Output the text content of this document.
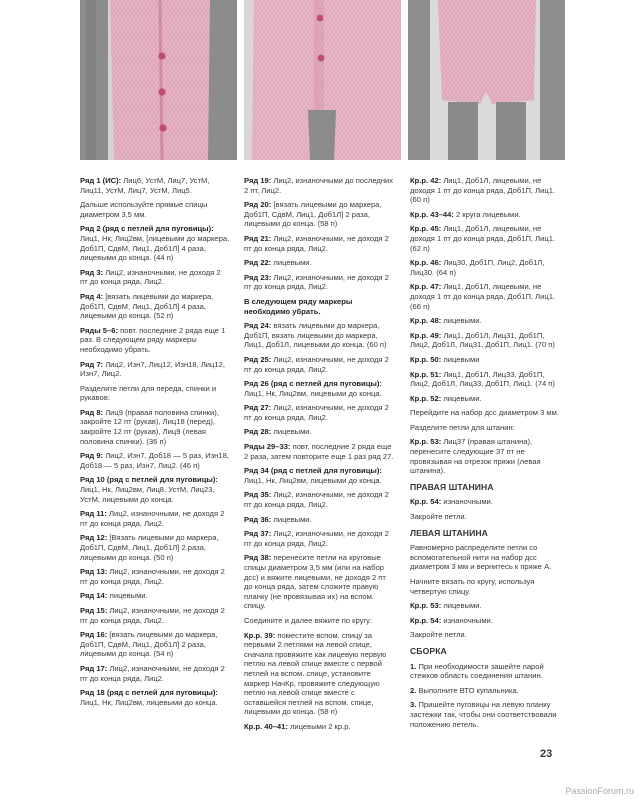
Ряд 1 (ИС): Лиц6, УстМ, Лиц7, УстМ, Лиц11, УстМ, Лиц7, УстМ, Лиц5.

Дальше используйте прямые спицы диаметром 3,5 мм.

Ряд 2 (ряд с петлей для пуговицы): Лиц1, Нк, Лиц2вм, [лицевыми до маркера, Доб1П, СдвМ, Лиц1, Доб1Л] 4 раза, лицевыми до конца. (44 п)

Ряд 3: Лиц2, изнаночными, не доходя 2 пт до конца ряда, Лиц2.

Ряд 4: [вязать лицевыми до маркера, Доб1П, СдвМ, Лиц1, Доб1Л] 4 раза, лицевыми до конца. (52 п)

Ряды 5–6: повт. последние 2 ряда еще 1 раз. В следующем ряду маркеры необходимо убрать.

Ряд 7: Лиц2, Изн7, Лиц12, Изн18, Лиц12, Изн7, Лиц2.

Разделите петли для переда, спинки и рукавов:

Ряд 8: Лиц9 (правая половина спинки), закройте 12 пт (рукав), Лиц18 (перед), закройте 12 пт (рукав), Лиц9 (левая половина спинки). (36 п)

Ряд 9: Лиц2, Изн7, Доб18 — 5 раз, Изн18, Доб18 — 5 раз, Изн7, Лиц2. (46 п)

Ряд 10 (ряд с петлей для пуговицы): Лиц1, Нк, Лиц2вм, Лиц8, УстМ, Лиц23, УстМ, лицевыми до конца.

Ряд 11: Лиц2, изнаночными, не доходя 2 пт до конца ряда, Лиц2.

Ряд 12: [Вязать лицевыми до маркера, Доб1П, СдвМ, Лиц1, Доб1Л] 2 раза, лицевыми до конца. (50 п)

Ряд 13: Лиц2, изнаночными, не доходя 2 пт до конца ряда, Лиц2.

Ряд 14: лицевыми.

Ряд 15: Лиц2, изнаночными, не доходя 2 пт до конца ряда, Лиц2.

Ряд 16: [вязать лицевыми до маркера, Доб1П, СдвМ, Лиц1, Доб1Л] 2 раза, лицевыми до конца. (54 п)

Ряд 17: Лиц2, изнаночными, не доходя 2 пт до конца ряда, Лиц2.

Ряд 18 (ряд с петлей для пуговицы): Лиц1, Нк, Лиц2вм, лицевыми до конца.

Ряд 19: Лиц2, изнаночными до последних 2 пт, Лиц2.

Ряд 20: [вязать лицевыми до маркера, Доб1П, СдвМ, Лиц1, Доб1Л] 2 раза, лицевыми до конца. (58 п)

Ряд 21: Лиц2, изнаночными, не доходя 2 пт до конца ряда, Лиц2.

Ряд 22: лицевыми.

Ряд 23: Лиц2, изнаночными, не доходя 2 пт до конца ряда, Лиц2.

В следующем ряду маркеры необходимо убрать.

Ряд 24: вязать лицевыми до маркера, Доб1П, вязать лицевыми до маркера, Лиц1, Доб1Л, лицевыми до конца. (60 п)

Ряд 25: Лиц2, изнаночными, не доходя 2 пт до конца ряда, Лиц2.

Ряд 26 (ряд с петлей для пуговицы): Лиц1, Нк, Лиц2вм, лицевыми до конца.

Ряд 27: Лиц2, изнаночными, не доходя 2 пт до конца ряда, Лиц2.

Ряд 28: лицевыми.

Ряды 29–33: повт. последние 2 ряда еще 2 раза, затем повторите еще 1 раз ряд 27.

Ряд 34 (ряд с петлей для пуговицы): Лиц1, Нк, Лиц2вм, лицевыми до конца.

Ряд 35: Лиц2, изнаночными, не доходя 2 пт до конца ряда, Лиц2.

Ряд 36: лицевыми.

Ряд 37: Лиц2, изнаночными, не доходя 2 пт до конца ряда, Лиц2.

Ряд 38: перенесите петли на круговые спицы диаметром 3,5 мм (или на набор дсс) и вяжите лицевыми, не доходя 2 пт до конца ряда, затем сложите правую планку (не провязывая их) на вспом. спицу.

Соедините и далее вяжите по кругу:

Кр.р. 39: поместите вспом. спицу за первыми 2 петлями на левой спице, сначала провяжите как лицевую первую петлю на левой спице вместе с первой петлей на вспом. спице, установите маркер НачКр, провяжите следующую петлю на левой спице вместе с оставшейся петлей на вспом. спице, лицевыми до конца. (58 п)

Кр.р. 40–41: лицевыми 2 кр.р.

Кр.р. 42: Лиц1, Доб1Л, лицевыми, не доходя 1 пт до конца ряда, Доб1П, Лиц1. (60 п)

Кр.р. 43–44: 2 круга лицевыми.

Кр.р. 45: Лиц1, Доб1Л, лицевыми, не доходя 1 пт до конца ряда, Доб1П, Лиц1. (62 п)

Кр.р. 46: Лиц30, Доб1П, Лиц2, Доб1Л, Лиц30. (64 п)

Кр.р. 47: Лиц1, Доб1Л, лицевыми, не доходя 1 пт до конца ряда, Доб1П, Лиц1. (66 п)

Кр.р. 48: лицевыми.

Кр.р. 49: Лиц1, Доб1Л, Лиц31, Доб1П, Лиц2, Доб1Л, Лиц31, Доб1П, Лиц1. (70 п)

Кр.р. 50: лицевыми

Кр.р. 51: Лиц1, Доб1Л, Лиц33, Доб1П, Лиц2, Доб1Л, Лиц33, Доб1П, Лиц1. (74 п)

Кр.р. 52: лицевыми.

Перейдите на набор дсс диаметром 3 мм.

Разделите петли для штанин:

Кр.р. 53: Лиц37 (правая штанина), перенесите следующие 37 пт не провязывая на отрезок пряжи (левая штанина).

ПРАВАЯ ШТАНИНА

Кр.р. 54: изнаночными.

Закройте петли.

ЛЕВАЯ ШТАНИНА

Равномерно распределите петли со вспомогательной нити на набор дсс диаметром 3 мм и вернитесь к пряже А.

Начните вязать по кругу, используя четвертую спицу.

Кр.р. 53: лицевыми.

Кр.р. 54: изнаночными.

Закройте петли.

СБОРКА

1. При необходимости зашейте парой стежков область соединения штанин.

2. Выполните ВТО купальника.

3. Пришейте пуговицы на левую планку застежки так, чтобы они соответствовали положению петель.

23
PassionForum.ru
